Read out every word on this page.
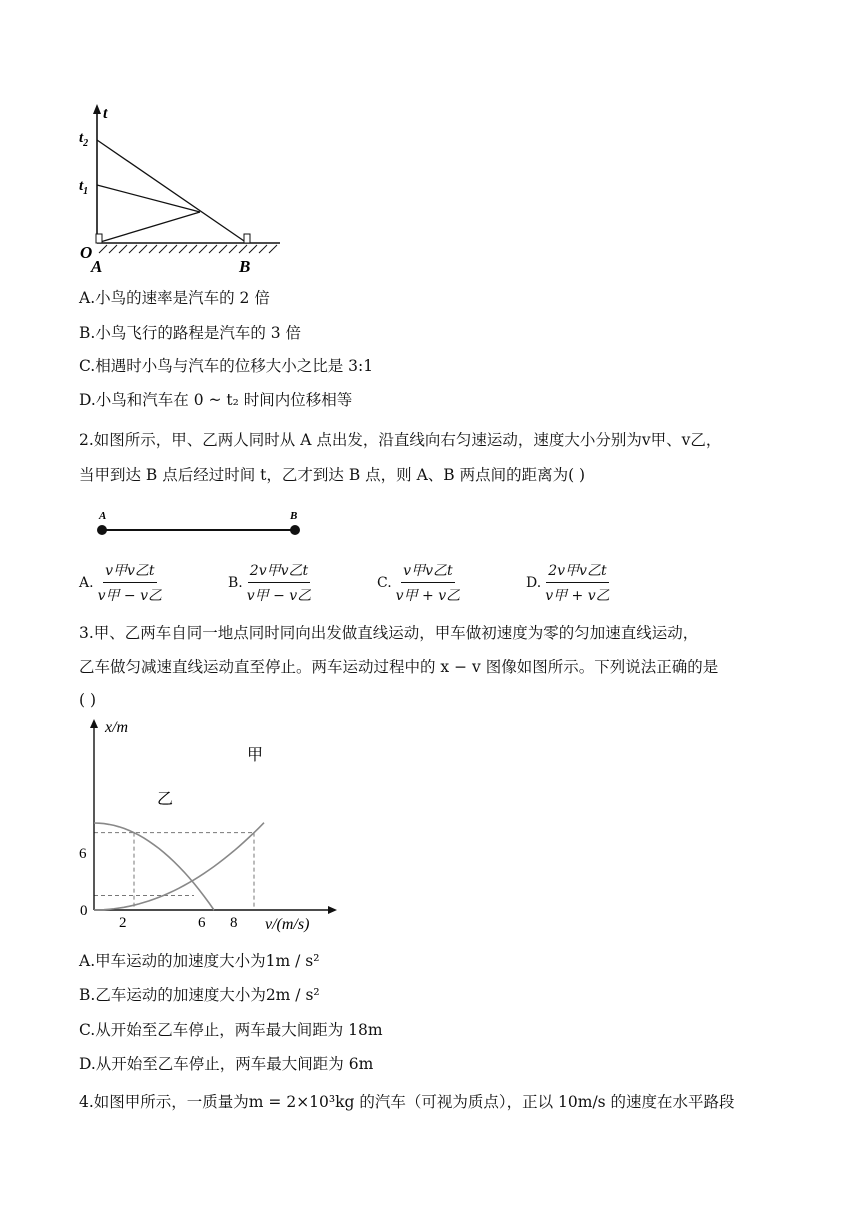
t
$t_2$
$t_1$
O
A	B
A.小鸟的速率是汽车的 2 倍
B.小鸟飞行的路程是汽车的 3 倍
C.相遇时小鸟与汽车的位移大小之比是 3:1
D.小鸟和汽车在 0 ~ t₂ 时间内位移相等
2.如图所示，甲、乙两人同时从 A 点出发，沿直线向右匀速运动，速度大小分别为v甲、v乙，
当甲到达 B 点后经过时间 t，乙才到达 B 点，则 A、B 两点间的距离为( )
A	B
A. $\frac{\text{v甲v乙t}}{\text{v甲 − v乙}}$	B. $\frac{\text{2v甲v乙t}}{\text{v甲 − v乙}}$	C. $\frac{\text{v甲v乙t}}{\text{v甲 + v乙}}$	D. $\frac{\text{2v甲v乙t}}{\text{v甲 + v乙}}$
3.甲、乙两车自同一地点同时同向出发做直线运动，甲车做初速度为零的匀加速直线运动，
乙车做匀减速直线运动直至停止。两车运动过程中的 x − v 图像如图所示。下列说法正确的是
( )
x/m
v/(m/s)
6
0
2	6 8
甲
乙
A.甲车运动的加速度大小为1m / s²
B.乙车运动的加速度大小为2m / s²
C.从开始至乙车停止，两车最大间距为 18m
D.从开始至乙车停止，两车最大间距为 6m
4.如图甲所示，一质量为m = 2×10³kg 的汽车（可视为质点），正以 10m/s 的速度在水平路段
